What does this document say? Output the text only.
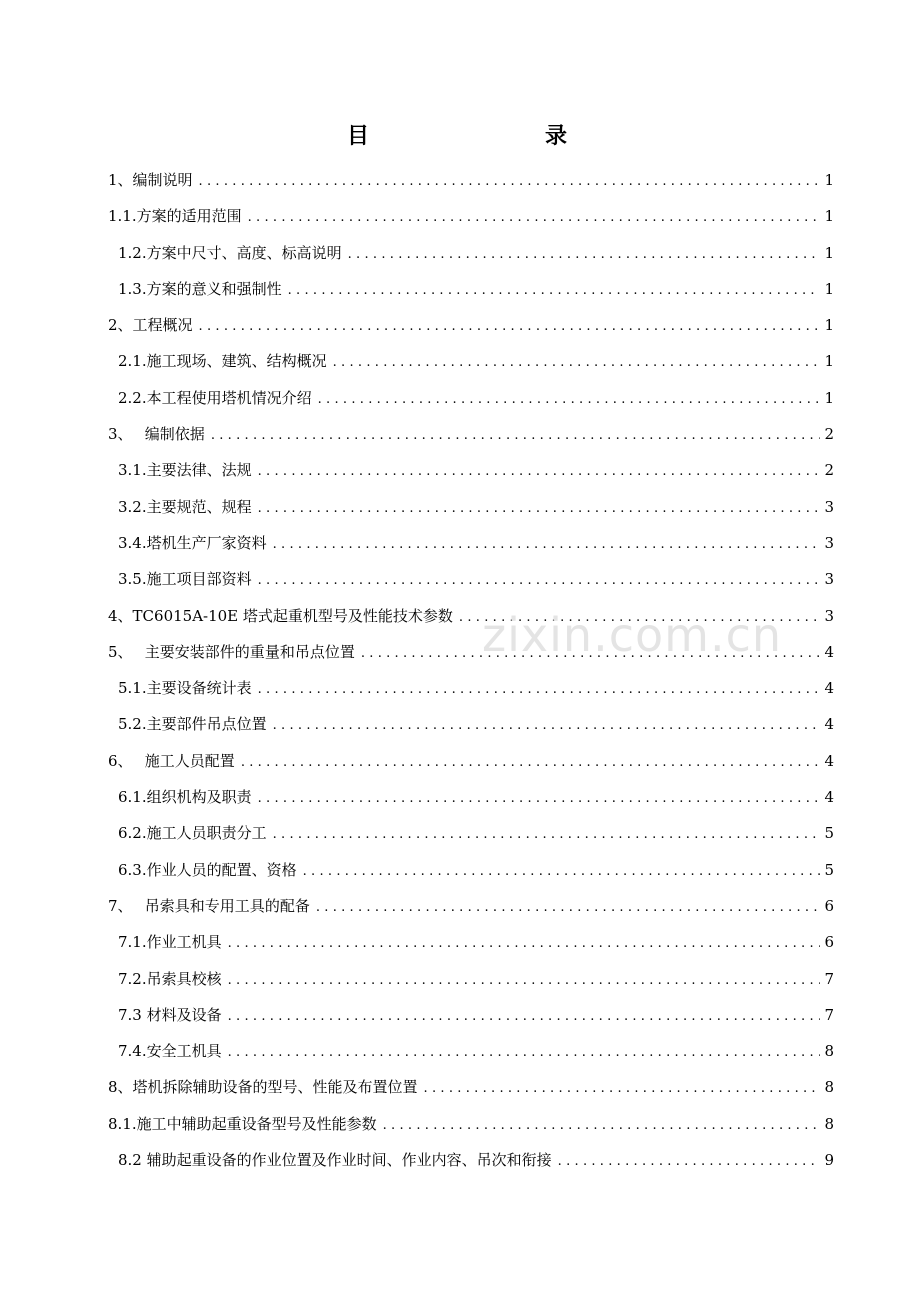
目　　录
1、编制说明 .....	1
1.1.方案的适用范围 .....	1
1.2.方案中尺寸、高度、标高说明 .....	1
1.3.方案的意义和强制性 .....	1
2、工程概况 .....	1
2.1.施工现场、建筑、结构概况 .....	1
2.2.本工程使用塔机情况介绍 .....	1
3、　 编制依据 .....	2
3.1.主要法律、法规 .....	2
3.2.主要规范、规程 .....	3
3.4.塔机生产厂家资料 .....	3
3.5.施工项目部资料 .....	3
4、TC6015A-10E 塔式起重机型号及性能技术参数 .....	3
5、　 主要安装部件的重量和吊点位置 .....	4
5.1.主要设备统计表 .....	4
5.2.主要部件吊点位置 .....	4
6、　 施工人员配置 .....	4
6.1.组织机构及职责 .....	4
6.2.施工人员职责分工 .....	5
6.3.作业人员的配置、资格 .....	5
7、　 吊索具和专用工具的配备 .....	6
7.1.作业工机具 .....	6
7.2.吊索具校核 .....	7
7.3 材料及设备 .....	7
7.4.安全工机具 .....	8
8、塔机拆除辅助设备的型号、性能及布置位置 .....	8
8.1.施工中辅助起重设备型号及性能参数 .....	8
8.2 辅助起重设备的作业位置及作业时间、作业内容、吊次和衔接 .....	9
zixin.com.cn
